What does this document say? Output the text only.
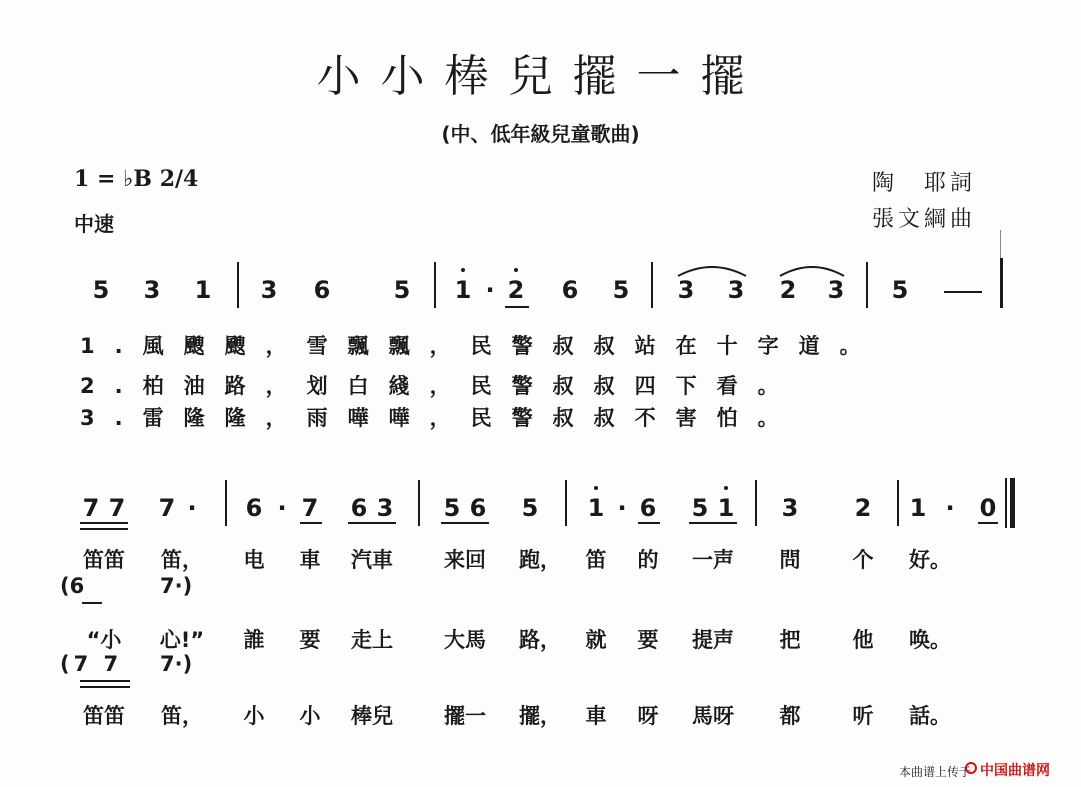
小小棒兒擺一擺
(中、低年級兒童歌曲)
1 = ♭B 2/4
中速
陶　耶詞
張文綱曲
5 3 1 3 6	5 1 · 2 6 5 3 3 2 3 5
1.風颼颼，雪飄飄，民警叔叔站在十字道。
2.柏油路，划白綫，民警叔叔四下看。
3.雷隆隆，雨嘩嘩，民警叔叔不害怕。
7 7 7 · 6 · 7 6 3 5 6 5 1 · 6 5 1 3 2 1 · 0
笛笛 笛， 电 車 汽車 来回 跑， 笛 的 一声 問 个 好。
(6	7·)
“小 心!” 誰 要 走上 大馬 路， 就 要 提声 把 他 唤。
(7 7 7·)
笛笛 笛， 小 小 棒兒 擺一 擺， 車 呀 馬呀 都 听 話。
本曲谱上传于 中国曲谱网
